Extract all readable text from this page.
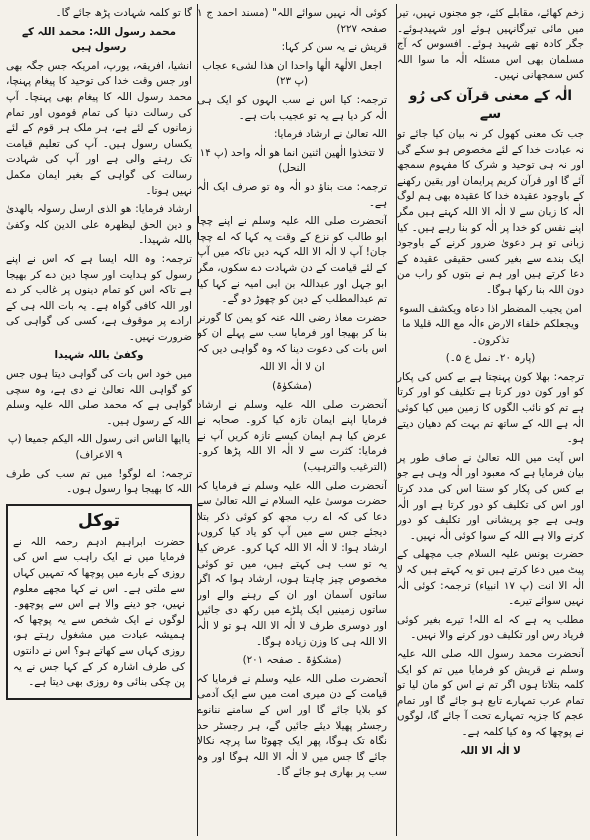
زخم کھائے، مقابلے کئے، جو مجنوں نہیں، تیر میں مائی تیرگانہیں ہوئے اور شہیدہوئے۔ جگر کادہ تھے شہید ہوئے۔ افسوس کہ آج مسلمان بھی اس مسئلہ الٰہ ما سوا اللہ کس سمجھانی نہیں۔

الٰہ کے معنی قرآن کی رُو سے

جب تک معنی کھول کر نہ بیان کیا جائے تو نہ عبادت خدا کے لئے مخصوص ہو سکے گی اور نہ ہی توحید و شرک کا مفہوم سمجھ آئے گا اور قرآن کریم پرایمان اور یقین رکھنے کے باوجود عقیدہ خدا کا عقیدہ بھی ہم لوگ الٰہ کا زبان سے لا الٰہ الا اللہ کہتے ہیں مگر اپنے نفس کو خدا پر الٰہ کو بنا رہے ہیں۔ کیا زبانی تو ہر دعویٰ ضرور کرنے کے باوجود ایک بندے سے بغیر کسی حقیقی عقیدہ کے دعا کرتے ہیں اور ہم نے بتوں کو راب من دون اللہ بنا رکھا ہوگا۔

امن یجیب المضطر اذا دعاہ ویکشف السوء ویجعلکم خلفاء الارض ءالٰہ مع اللہ قلیلا ما تذکرون۔

(پارہ ۲۰۔ نمل ع ۵۔)

ترجمہ: بھلا کون پہنچتا ہے بے کس کی پکار کو اور کون دور کرتا ہے تکلیف کو اور کرتا ہے تم کو نائب الگوں کا زمین میں کیا کوئی الٰہ ہے اللہ کے ساتھ تم بہت کم دھیان دیتے ہو۔

اس آیت میں اللہ تعالیٰ نے صاف طور پر بیان فرمایا ہے کہ معبود اور الٰہ وہی ہے جو بے کس کی پکار کو سنتا اس کی مدد کرتا اور اس کی تکلیف کو دور کرتا ہے اور الٰہ وہی ہے جو پریشانی اور تکلیف کو دور کرنے والا ہے اللہ کے سوا کوئی الٰہ نہیں۔

حضرت یونس علیہ السلام جب مچھلی کے پیٹ میں دعا کرتے ہیں تو یہ کہتے ہیں کہ لا الٰہ الا انت (پ ۱۷ انبیاء) ترجمہ: کوئی الٰہ نہیں سوائے تیرے۔

مطلب یہ ہے کہ اے اللہ! تیرے بغیر کوئی فریاد رس اور تکلیف دور کرنے والا نہیں۔

آنحضرت محمد رسول اللہ صلی اللہ علیہ وسلم نے قریش کو فرمایا میں تم کو ایک کلمہ بتلاتا ہوں اگر تم نے اس کو مان لیا تو تمام عرب تمہارے تابع ہو جائے گا اور تمام عجم کا جزیہ تمہارے تحت آ جائے گا، لوگوں نے پوچھا کہ وہ کیا کلمہ ہے۔

لا الٰہ الا اللہ

کوئی الٰہ نہیں سوائے اللہ" (مسند احمد ج ۱ صفحہ ۲۲۷)

قریش نے یہ سن کر کہا:

اجعل الالٰھۃ الٰھا واحدا ان ھذا لشیء عجاب (پ ۲۳)

ترجمہ: کیا اس نے سب الہوں کو ایک ہی الٰہ کر دیا ہے یہ تو عجیب بات ہے۔

اللہ تعالیٰ نے ارشاد فرمایا:

لا تتخذوا الٰھین اثنین انما ھو الٰہ واحد (پ ۱۴ النحل)

ترجمہ: مت بناؤ دو الٰہ وہ تو صرف ایک الٰہ ہے۔

آنحضرت صلی اللہ علیہ وسلم نے اپنے چچا ابو طالب کو نزع کے وقت یہ کہا کہ اے چچا جان! آپ لا الٰہ الا اللہ کہہ دیں تاکہ میں آپ کے لئے قیامت کے دن شہادت دے سکوں، مگر ابو جہل اور عبداللہ بن ابی امیہ نے کہا کیا تم عبدالمطلب کے دین کو چھوڑ دو گے۔

حضرت معاذ رضی اللہ عنہ کو یمن کا گورنر بنا کر بھیجا اور فرمایا سب سے پہلے ان کو اس بات کی دعوت دینا کہ وہ گواہی دیں کہ

ان لا الٰہ الا اللہ

(مشکوٰۃ)

آنحضرت صلی اللہ علیہ وسلم نے ارشاد فرمایا اپنے ایمان تازہ کیا کرو۔ صحابہ نے عرض کیا ہم ایمان کیسے تازہ کریں آپ نے فرمایا: کثرت سے لا الٰہ الا اللہ پڑھا کرو۔ (الترغیب والترہیب)

آنحضرت صلی اللہ علیہ وسلم نے فرمایا کہ حضرت موسیٰ علیہ السلام نے اللہ تعالیٰ سے دعا کی کہ اے رب مجھ کو کوئی ذکر بتلا دیجئے جس سے میں آپ کو یاد کیا کروں، ارشاد ہوا: لا الٰہ الا اللہ کہا کرو۔ عرض کیا یہ تو سب ہی کہتے ہیں، میں تو کوئی مخصوص چیز چاہتا ہوں، ارشاد ہوا کہ اگر ساتوں آسمان اور ان کے رہنے والے اور ساتوں زمینیں ایک پلڑے میں رکھ دی جائیں اور دوسری طرف لا الٰہ الا اللہ ہو تو لا الٰہ الا اللہ ہی کا وزن زیادہ ہوگا۔

(مشکوٰۃ ۔ صفحہ ۲۰۱)

آنحضرت صلی اللہ علیہ وسلم نے فرمایا کہ قیامت کے دن میری امت میں سے ایک آدمی کو بلایا جائے گا اور اس کے سامنے ننانوے رجسٹر پھیلا دیئے جائیں گے، ہر رجسٹر حد نگاہ تک ہوگا، پھر ایک چھوٹا سا پرچہ نکالا جائے گا جس میں لا الٰہ الا اللہ ہوگا اور وہ سب پر بھاری ہو جائے گا۔

گا تو کلمہ شہادت پڑھ جائے گا۔

محمد رسول اللہ: محمد اللہ کے رسول ہیں

انشیا، افریقہ، یورپ، امریکہ جس جگہ بھی اور جس وقت خدا کی توحید کا پیغام پہنچا، محمد رسول اللہ کا پیغام بھی پہنچا۔ آپ کی رسالت دنیا کی تمام قوموں اور تمام زمانوں کے لئے ہے، ہر ملک ہر قوم کے لئے یکساں رسول ہیں۔ آپ کی تعلیم قیامت تک رہنے والی ہے اور آپ کی شہادت رسالت کی گواہی کے بغیر ایمان مکمل نہیں ہوتا۔

ارشاد فرمایا: ھو الذی ارسل رسولہ بالھدیٰ و دین الحق لیظھرہ علی الدین کلہ وکفیٰ باللہ شہیدا۔

ترجمہ: وہ اللہ ایسا ہے کہ اس نے اپنے رسول کو ہدایت اور سچا دین دے کر بھیجا ہے تاکہ اس کو تمام دینوں پر غالب کر دے اور اللہ کافی گواہ ہے۔ یہ بات اللہ ہی کے ارادے پر موقوف ہے، کسی کی گواہی کی ضرورت نہیں۔

وکفیٰ باللہ شہیدا

میں خود اس بات کی گواہی دیتا ہوں جس کو گواہی اللہ تعالیٰ نے دی ہے، وہ سچی گواہی ہے کہ محمد صلی اللہ علیہ وسلم اللہ کے رسول ہیں۔

یاایھا الناس انی رسول اللہ الیکم جمیعا (پ ۹ الاعراف)

ترجمہ: اے لوگو! میں تم سب کی طرف اللہ کا بھیجا ہوا رسول ہوں۔

توکل

حضرت ابراہیم ادہم رحمہ اللہ نے فرمایا میں نے ایک راہب سے اس کی روزی کے بارے میں پوچھا کہ تمہیں کہاں سے ملتی ہے۔ اس نے کہا مجھے معلوم نہیں، جو دینے والا ہے اس سے پوچھو۔ لوگوں نے ایک شخص سے یہ پوچھا کہ ہمیشہ عبادت میں مشغول رہتے ہو، روزی کہاں سے کھاتے ہو؟ اس نے دانتوں کی طرف اشارہ کر کے کہا جس نے یہ پن چکی بنائی وہ روزی بھی دیتا ہے۔
